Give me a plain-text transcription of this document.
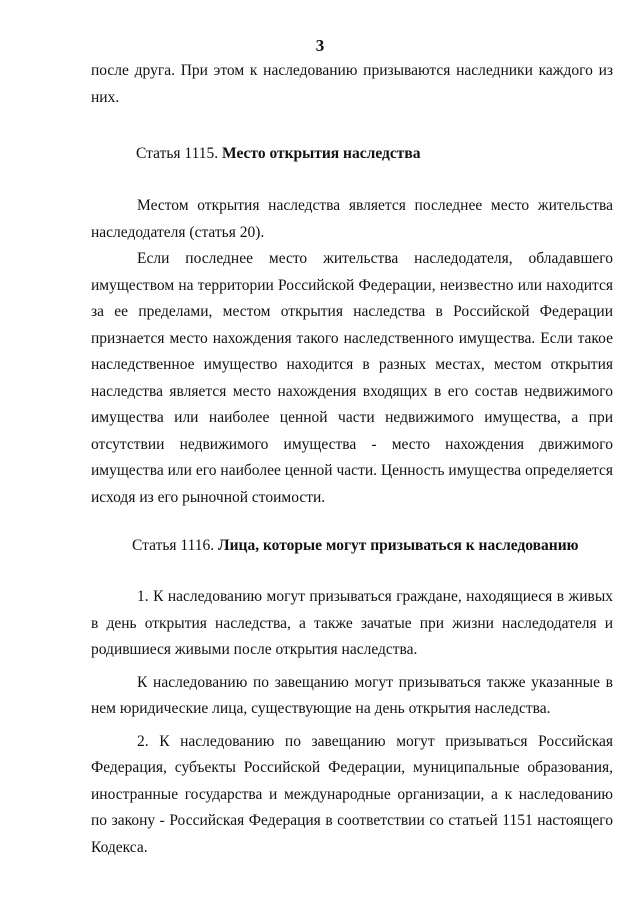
3

после друга. При этом к наследованию призываются наследники каждого из них.

Статья 1115. Место открытия наследства

Местом открытия наследства является последнее место жительства наследодателя (статья 20).

Если последнее место жительства наследодателя, обладавшего имуществом на территории Российской Федерации, неизвестно или находится за ее пределами, местом открытия наследства в Российской Федерации признается место нахождения такого наследственного имущества. Если такое наследственное имущество находится в разных местах, местом открытия наследства является место нахождения входящих в его состав недвижимого имущества или наиболее ценной части недвижимого имущества, а при отсутствии недвижимого имущества - место нахождения движимого имущества или его наиболее ценной части. Ценность имущества определяется исходя из его рыночной стоимости.

Статья 1116. Лица, которые могут призываться к наследованию

1. К наследованию могут призываться граждане, находящиеся в живых в день открытия наследства, а также зачатые при жизни наследодателя и родившиеся живыми после открытия наследства.

К наследованию по завещанию могут призываться также указанные в нем юридические лица, существующие на день открытия наследства.

2. К наследованию по завещанию могут призываться Российская Федерация, субъекты Российской Федерации, муниципальные образования, иностранные государства и международные организации, а к наследованию по закону - Российская Федерация в соответствии со статьей 1151 настоящего Кодекса.
